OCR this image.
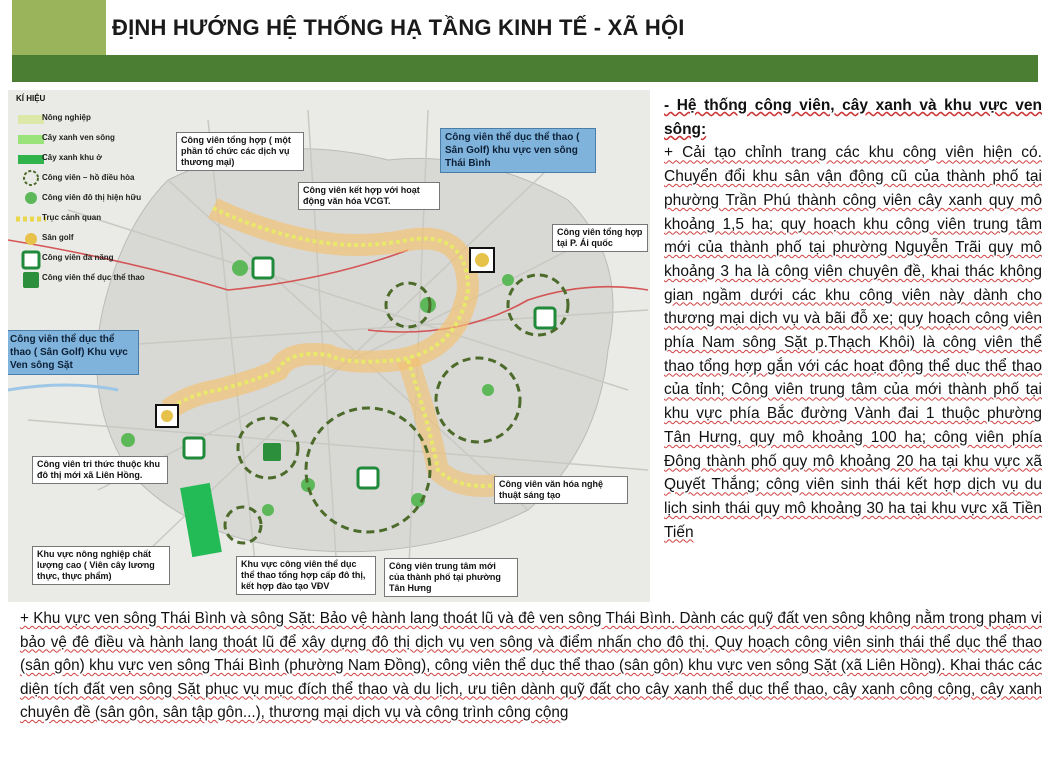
ĐỊNH HƯỚNG HỆ THỐNG HẠ TẦNG KINH TẾ - XÃ HỘI
KÍ HIỆU
Nông nghiệp
Cây xanh ven sông
Cây xanh khu ở
Công viên – hồ điều hòa
Công viên đô thị hiện hữu
Trục cảnh quan
Sân golf
Công viên đa năng
Công viên thể dục thể thao
Công viên tổng hợp ( một phần tổ chức các dịch vụ thương mại)
Công viên thể dục thể thao ( Sân Golf) khu vực ven sông Thái Bình
Công viên kết hợp với hoạt động văn hóa VCGT.
Công viên tổng hợp tại P. Ái quốc
Công viên thể dục thể thao ( Sân Golf) Khu vực Ven sông Sặt
Công viên tri thức thuộc khu đô thị mới xã Liên Hồng.
Công viên văn hóa nghệ thuật sáng tạo
Khu vực nông nghiệp chất lượng cao ( Viên cây lương thực, thực phẩm)
Khu vực công viên thể dục thể thao tổng hợp cấp đô thị, kết hợp đào tạo VĐV
Công viên trung tâm mới của thành phố tại phường Tân Hưng

- Hệ thống công viên, cây xanh và khu vực ven sông:

+ Cải tạo chỉnh trang các khu công viên hiện có. Chuyển đổi khu sân vận động cũ của thành phố tại phường Trần Phú thành công viên cây xanh quy mô khoảng 1,5 ha; quy hoạch khu công viên trung tâm mới của thành phố tại phường Nguyễn Trãi quy mô khoảng 3 ha là công viên chuyên đề, khai thác không gian ngầm dưới các khu công viên này dành cho thương mại dịch vụ và bãi đỗ xe; quy hoạch công viên phía Nam sông Sặt p.Thạch Khôi) là công viên thể thao tổng hợp gắn với các hoạt động thể dục thể thao của tỉnh; Công viên trung tâm của mới thành phố tại khu vực phía Bắc đường Vành đai 1 thuộc phường Tân Hưng, quy mô khoảng 100 ha; công viên phía Đông thành phố quy mô khoảng 20 ha tại khu vực xã Quyết Thắng; công viên sinh thái kết hợp dịch vụ du lịch sinh thái quy mô khoảng 30 ha tại khu vực xã Tiền Tiến

+ Khu vực ven sông Thái Bình và sông Sặt: Bảo vệ hành lang thoát lũ và đê ven sông Thái Bình. Dành các quỹ đất ven sông không nằm trong phạm vi bảo vệ đê điều và hành lang thoát lũ để xây dựng đô thị dịch vụ ven sông và điểm nhấn cho đô thị. Quy hoạch công viên sinh thái thể dục thể thao (sân gôn) khu vực ven sông Thái Bình (phường Nam Đồng), công viên thể dục thể thao (sân gôn) khu vực ven sông Sặt (xã Liên Hồng). Khai thác các diện tích đất ven sông Sặt phục vụ mục đích thể thao và du lịch, ưu tiên dành quỹ đất cho cây xanh thể dục thể thao, cây xanh công cộng, cây xanh chuyên đề (sân gôn, sân tập gôn...), thương mại dịch vụ và công trình công cộng
